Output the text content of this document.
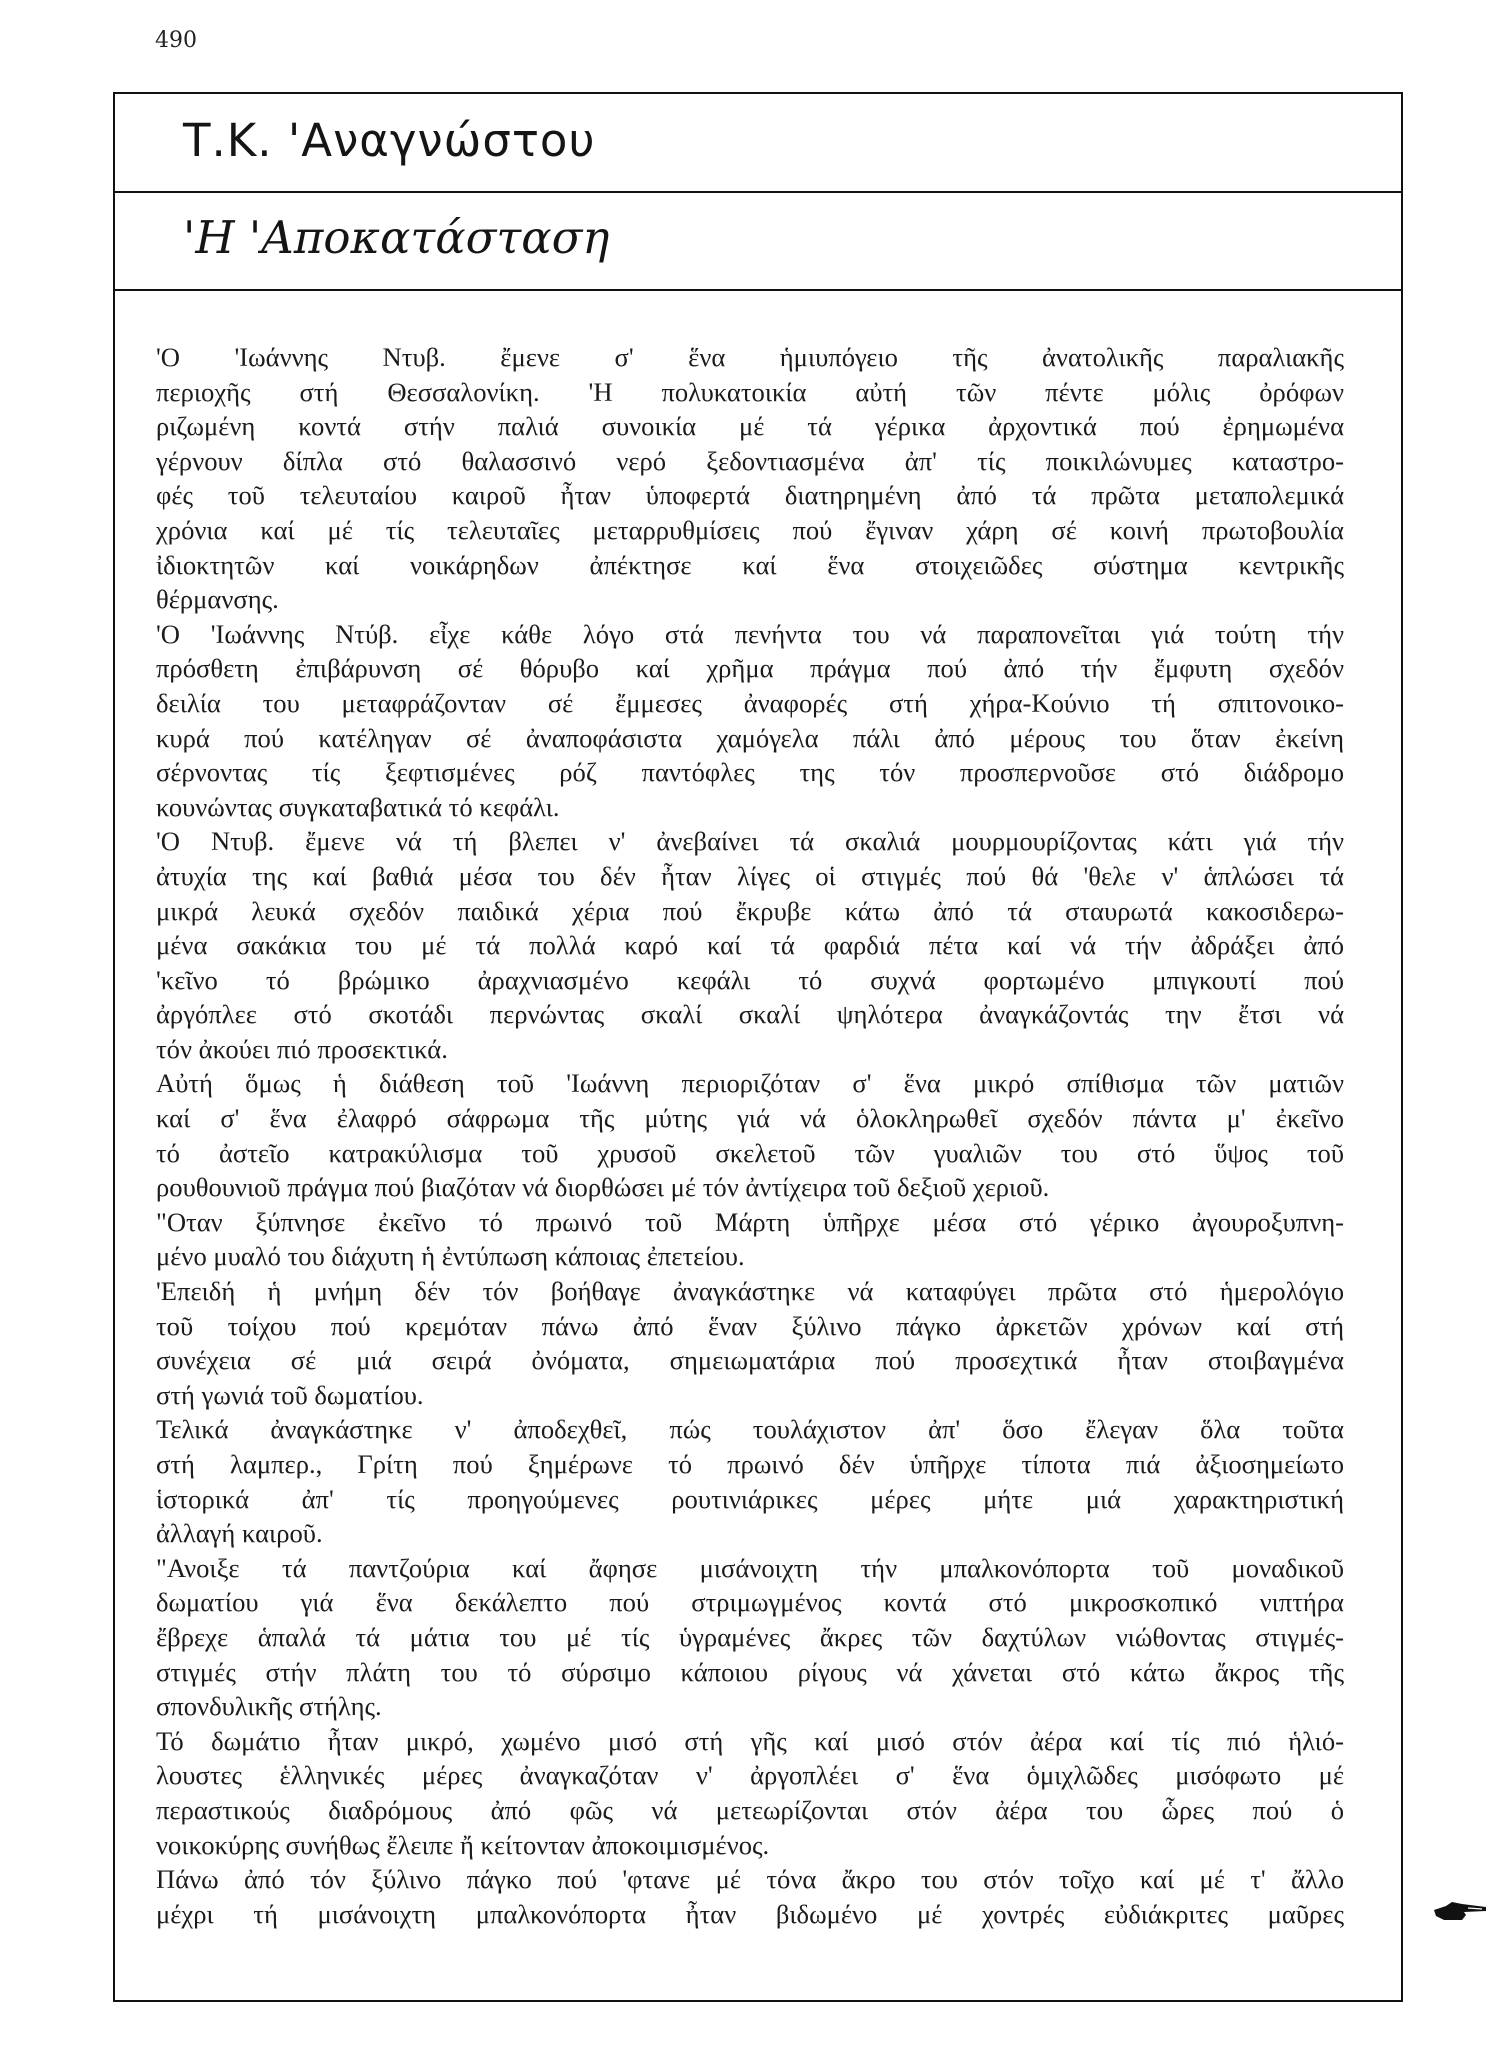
490
Τ.Κ. 'Αναγνώστου
'Η 'Αποκατάσταση
'Ο 'Ιωάννης Ντυβ. ἔμενε σ' ἕνα ἡμιυπόγειο τῆς ἀνατολικῆς παραλιακῆς
περιοχῆς στή Θεσσαλονίκη. 'Η πολυκατοικία αὐτή τῶν πέντε μόλις ὀρόφων
ριζωμένη κοντά στήν παλιά συνοικία μέ τά γέρικα ἀρχοντικά πού ἐρημωμένα
γέρνουν δίπλα στό θαλασσινό νερό ξεδοντιασμένα ἀπ' τίς ποικιλώνυμες καταστρο-
φές τοῦ τελευταίου καιροῦ ἦταν ὑποφερτά διατηρημένη ἀπό τά πρῶτα μεταπολεμικά
χρόνια καί μέ τίς τελευταῖες μεταρρυθμίσεις πού ἔγιναν χάρη σέ κοινή πρωτοβουλία
ἰδιοκτητῶν καί νοικάρηδων ἀπέκτησε καί ἕνα στοιχειῶδες σύστημα κεντρικῆς
θέρμανσης.
'Ο 'Ιωάννης Ντύβ. εἶχε κάθε λόγο στά πενήντα του νά παραπονεῖται γιά τούτη τήν
πρόσθετη ἐπιβάρυνση σέ θόρυβο καί χρῆμα πράγμα πού ἀπό τήν ἔμφυτη σχεδόν
δειλία του μεταφράζονταν σέ ἔμμεσες ἀναφορές στή χήρα-Κούνιο τή σπιτονοικο-
κυρά πού κατέληγαν σέ ἀναποφάσιστα χαμόγελα πάλι ἀπό μέρους του ὅταν ἐκείνη
σέρνοντας τίς ξεφτισμένες ρόζ παντόφλες της τόν προσπερνοῦσε στό διάδρομο
κουνώντας συγκαταβατικά τό κεφάλι.
'Ο Ντυβ. ἔμενε νά τή βλεπει ν' ἀνεβαίνει τά σκαλιά μουρμουρίζοντας κάτι γιά τήν
ἀτυχία της καί βαθιά μέσα του δέν ἦταν λίγες οἱ στιγμές πού θά 'θελε ν' ἁπλώσει τά
μικρά λευκά σχεδόν παιδικά χέρια πού ἔκρυβε κάτω ἀπό τά σταυρωτά κακοσιδερω-
μένα σακάκια του μέ τά πολλά καρό καί τά φαρδιά πέτα καί νά τήν ἀδράξει ἀπό
'κεῖνο τό βρώμικο ἀραχνιασμένο κεφάλι τό συχνά φορτωμένο μπιγκουτί πού
ἀργόπλεε στό σκοτάδι περνώντας σκαλί σκαλί ψηλότερα ἀναγκάζοντάς την ἔτσι νά
τόν ἀκούει πιό προσεκτικά.
Αὐτή ὅμως ἡ διάθεση τοῦ 'Ιωάννη περιοριζόταν σ' ἕνα μικρό σπίθισμα τῶν ματιῶν
καί σ' ἕνα ἐλαφρό σάφρωμα τῆς μύτης γιά νά ὁλοκληρωθεῖ σχεδόν πάντα μ' ἐκεῖνο
τό ἀστεῖο κατρακύλισμα τοῦ χρυσοῦ σκελετοῦ τῶν γυαλιῶν του στό ὕψος τοῦ
ρουθουνιοῦ πράγμα πού βιαζόταν νά διορθώσει μέ τόν ἀντίχειρα τοῦ δεξιοῦ χεριοῦ.
"Οταν ξύπνησε ἐκεῖνο τό πρωινό τοῦ Μάρτη ὑπῆρχε μέσα στό γέρικο ἀγουροξυπνη-
μένο μυαλό του διάχυτη ἡ ἐντύπωση κάποιας ἐπετείου.
'Επειδή ἡ μνήμη δέν τόν βοήθαγε ἀναγκάστηκε νά καταφύγει πρῶτα στό ἡμερολόγιο
τοῦ τοίχου πού κρεμόταν πάνω ἀπό ἕναν ξύλινο πάγκο ἀρκετῶν χρόνων καί στή
συνέχεια σέ μιά σειρά ὀνόματα, σημειωματάρια πού προσεχτικά ἦταν στοιβαγμένα
στή γωνιά τοῦ δωματίου.
Τελικά ἀναγκάστηκε ν' ἀποδεχθεῖ, πώς τουλάχιστον ἀπ' ὅσο ἔλεγαν ὅλα τοῦτα
στή λαμπερ., Γρίτη πού ξημέρωνε τό πρωινό δέν ὑπῆρχε τίποτα πιά ἀξιοσημείωτο
ἱστορικά ἀπ' τίς προηγούμενες ρουτινιάρικες μέρες μήτε μιά χαρακτηριστική
ἀλλαγή καιροῦ.
"Ανοιξε τά παντζούρια καί ἄφησε μισάνοιχτη τήν μπαλκονόπορτα τοῦ μοναδικοῦ
δωματίου γιά ἕνα δεκάλεπτο πού στριμωγμένος κοντά στό μικροσκοπικό νιπτήρα
ἔβρεχε ἁπαλά τά μάτια του μέ τίς ὑγραμένες ἄκρες τῶν δαχτύλων νιώθοντας στιγμές-
στιγμές στήν πλάτη του τό σύρσιμο κάποιου ρίγους νά χάνεται στό κάτω ἄκρος τῆς
σπονδυλικῆς στήλης.
Τό δωμάτιο ἦταν μικρό, χωμένο μισό στή γῆς καί μισό στόν ἀέρα καί τίς πιό ἡλιό-
λουστες ἑλληνικές μέρες ἀναγκαζόταν ν' ἀργοπλέει σ' ἕνα ὁμιχλῶδες μισόφωτο μέ
περαστικούς διαδρόμους ἀπό φῶς νά μετεωρίζονται στόν ἀέρα του ὧρες πού ὁ
νοικοκύρης συνήθως ἔλειπε ἤ κείτονταν ἀποκοιμισμένος.
Πάνω ἀπό τόν ξύλινο πάγκο πού 'φτανε μέ τόνα ἄκρο του στόν τοῖχο καί μέ τ' ἄλλο
μέχρι τή μισάνοιχτη μπαλκονόπορτα ἦταν βιδωμένο μέ χοντρές εὐδιάκριτες μαῦρες
